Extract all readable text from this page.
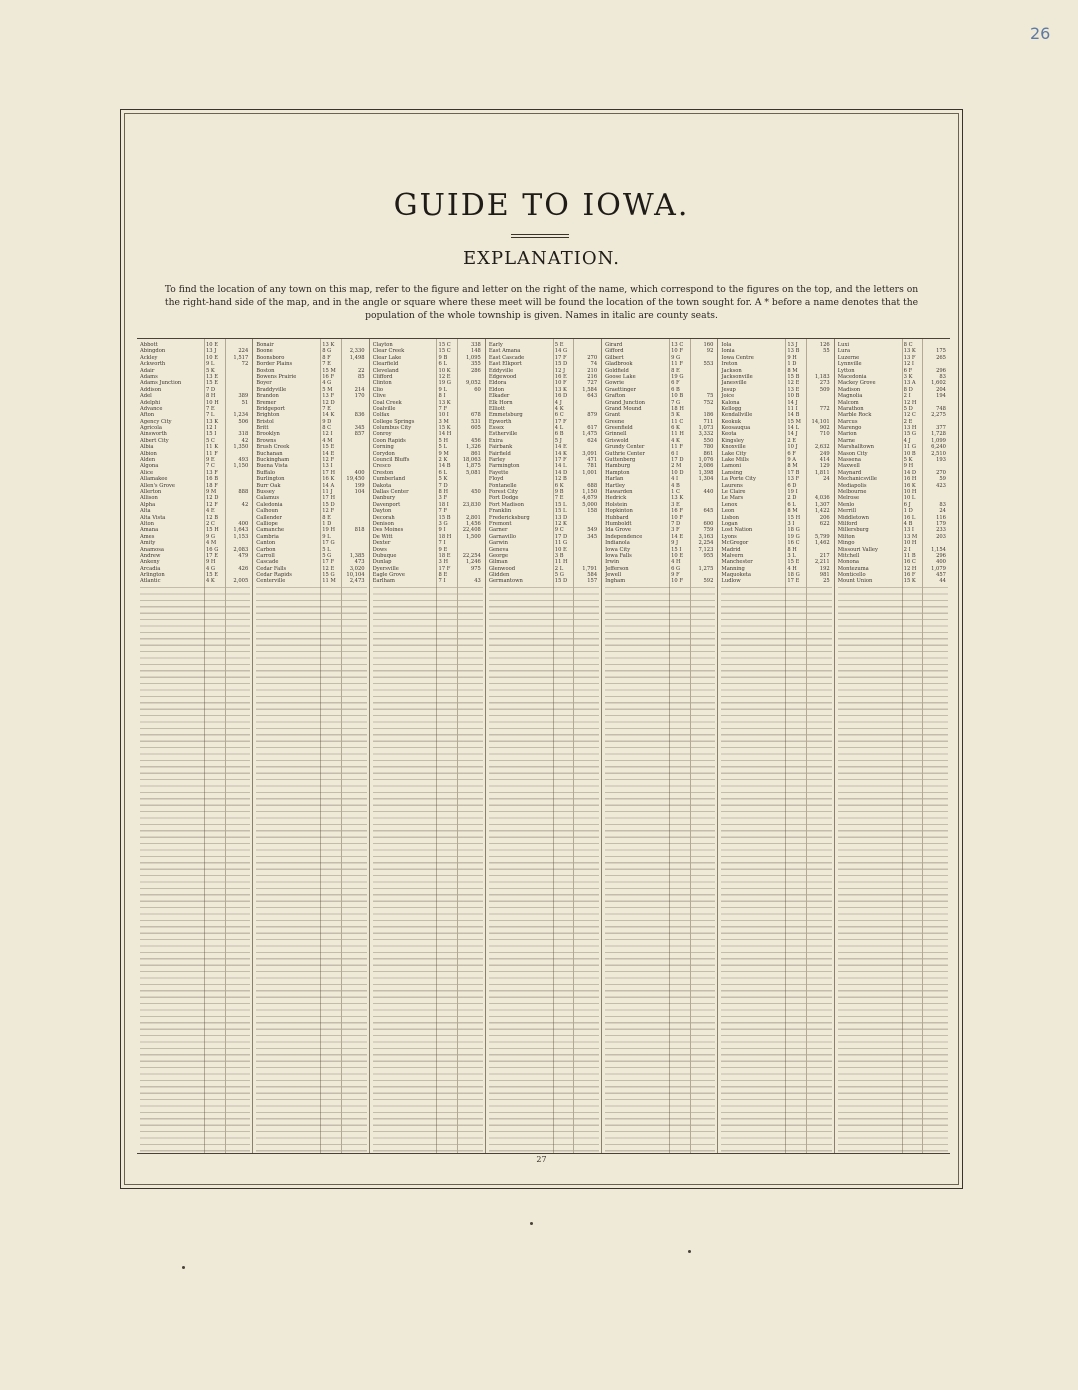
26
GUIDE TO IOWA.
EXPLANATION.
To find the location of any town on this map, refer to the figure and letter on the right of the name, which correspond to the figures on the top, and the letters on the right-hand side of the map, and in the angle or square where these meet will be found the location of the town sought for. A * before a name denotes that the population of the whole township is given. Names in italic are county seats.
Abbott	10 E
Abingdon	13 J	224
Ackley	10 E	1,517
Ackworth	9 L	72
Adair	5 K
Adams	13 E
Adams Junction	15 E
Addison	7 D
Adel	8 H	389
Adelphi	10 H	51
Advance	7 E
Afton	7 L	1,234
Agency City	13 K	506
Agricola	12 I
Ainsworth	15 I	318
Albert City	5 C	42
Albia	11 K	1,350
Albion	11 F
Alden	9 E	493
Algona	7 C	1,150
Alice	13 F
Allamakee	16 B
Allen's Grove	18 F
Allerton	9 M	888
Allison	12 D
Alpha	12 F	42
Alta	4 E
Alta Vista	12 B
Alton	2 C	400
Amana	15 H	1,643
Ames	9 G	1,153
Amity	4 M
Anamosa	16 G	2,083
Andrew	17 E	479
Ankeny	9 H
Arcadia	4 G	426
Arlington	15 E
Atlantic	4 K	2,005
Bonair	13 K
Boone	8 G	2,330
Boonsboro	8 F	1,498
Border Plains	7 E
Boston	15 M	22
Bowens Prairie	16 F	85
Boyer	4 G
Braddyville	5 M	214
Brandon	13 F	170
Bremer	12 D
Bridgeport	7 E
Brighton	14 K	836
Bristol	9 D
Britt	8 C	345
Brooklyn	12 I	857
Browns	4 M
Brush Creek	15 E
Buchanan	14 E
Buckingham	12 F
Buena Vista	13 I
Buffalo	17 H	400
Burlington	16 K	19,450
Burr Oak	14 A	199
Bussey	11 J	104
Calamus	17 H
Caledonia	15 D
Calhoun	12 F
Callender	8 E
Calliope	1 D
Camanche	19 H	818
Cambria	9 L
Canton	17 G
Carbon	5 L
Carroll	5 G	1,385
Cascade	17 F	473
Cedar Falls	12 E	3,020
Cedar Rapids	15 G	10,104
Centerville	11 M	2,473
Clayton	15 C	338
Clear Creek	15 C	148
Clear Lake	9 B	1,095
Clearfield	6 L	355
Cleveland	10 K	286
Clifford	12 E
Clinton	19 G	9,052
Clio	9 L	60
Clive	8 I
Coal Creek	13 K
Coalville	7 F
Colfax	10 I	678
College Springs	3 M	531
Columbus City	15 K	605
Conroy	14 H
Coon Rapids	5 H	456
Corning	5 L	1,326
Corydon	9 M	861
Council Bluffs	2 K	18,063
Cresco	14 B	1,875
Creston	6 L	5,081
Cumberland	5 K
Dakota	7 D
Dallas Center	8 H	450
Danbury	3 F
Davenport	18 I	23,830
Dayton	7 F
Decorah	15 B	2,801
Denison	3 G	1,456
Des Moines	9 I	22,408
De Witt	18 H	1,500
Dexter	7 I
Dows	9 E
Dubuque	18 E	22,254
Dunlap	3 H	1,246
Dyersville	17 F	975
Eagle Grove	8 E
Earlham	7 I	43
Early	5 E
East Amana	14 G
East Cascade	17 F	270
East Elkport	15 D	74
Eddyville	12 J	210
Edgewood	16 E	216
Eldora	10 F	727
Eldon	13 K	1,584
Elkader	16 D	643
Elk Horn	4 J
Elliott	4 K
Emmetsburg	6 C	879
Epworth	17 F
Essex	4 L	617
Estherville	6 B	1,475
Exira	5 J	624
Fairbank	14 E
Fairfield	14 K	3,091
Farley	17 F	471
Farmington	14 L	781
Fayette	14 D	1,001
Floyd	12 B
Fontanelle	6 K	688
Forest City	9 B	1,150
Fort Dodge	7 E	4,679
Fort Madison	15 L	5,000
Franklin	15 L	158
Fredericksburg	13 D
Fremont	12 K
Garner	9 C	549
Garnavillo	17 D	345
Garwin	11 G
Geneva	10 E
George	3 B
Gilman	11 H
Glenwood	2 L	1,791
Glidden	5 G	584
Germantown	15 D	157
Girard	13 C	160
Gifford	10 F	92
Gilbert	9 G
Gladbrook	11 F	553
Goldfield	8 E
Goose Lake	19 G
Gowrie	6 F
Graettinger	6 B
Grafton	10 B	75
Grand Junction	7 G	752
Grand Mound	18 H
Grant	5 K	186
Greene	11 C	711
Greenfield	6 K	1,073
Grinnell	11 H	3,332
Griswold	4 K	550
Grundy Center	11 F	780
Guthrie Center	6 I	861
Guttenberg	17 D	1,076
Hamburg	2 M	2,086
Hampton	10 D	1,398
Harlan	4 I	1,304
Hartley	4 B
Hawarden	1 C	440
Hedrick	13 K
Holstein	3 E
Hopkinton	16 F	645
Hubbard	10 F
Humboldt	7 D	600
Ida Grove	3 F	759
Independence	14 E	3,163
Indianola	9 J	2,254
Iowa City	15 I	7,123
Iowa Falls	10 E	955
Irwin	4 H
Jefferson	6 G	1,275
Jewell	9 F
Ingham	10 F	592
Iola	13 J	126
Ionia	13 B	55
Iowa Centre	9 H
Ireton	1 D
Jackson	8 M
Jacksonville	15 B	1,183
Janesville	12 E	273
Jesup	13 E	509
Joice	10 B
Kalona	14 J
Kellogg	11 I	772
Kendallville	14 B
Keokuk	15 M	14,101
Keosauqua	14 L	902
Keota	14 J	710
Kingsley	2 E
Knoxville	10 J	2,632
Lake City	6 F	249
Lake Mills	9 A	414
Lamoni	8 M	129
Lansing	17 B	1,811
La Porte City	13 F	24
Laurens	6 D
Le Claire	19 I
Le Mars	2 D	4,036
Lenox	6 L	1,307
Leon	8 M	1,422
Lisbon	15 H	206
Logan	3 I	622
Lost Nation	18 G
Lyons	19 G	5,799
McGregor	16 C	1,462
Madrid	8 H
Malvern	3 L	217
Manchester	15 E	2,211
Manning	4 H	192
Maquoketa	18 G	981
Ludlow	17 E	25
Luxi	8 C
Lura	13 K	175
Luzerne	13 F	265
Lynnville	12 I
Lytton	6 F	296
Macedonia	3 K	83
Mackey Grove	13 A	1,602
Madison	8 D	204
Magnolia	2 I	194
Malcom	12 H
Marathon	5 D	748
Marble Rock	12 C	2,275
Marcus	2 E
Marengo	13 H	377
Marion	15 G	1,728
Marne	4 J	1,099
Marshalltown	11 G	6,240
Mason City	10 B	2,510
Massena	5 K	193
Maxwell	9 H
Maynard	14 D	270
Mechanicsville	16 H	59
Mediapolis	16 K	423
Melbourne	10 H
Melrose	10 L
Menlo	6 J	83
Merrill	1 D	24
Middletown	16 L	116
Milford	4 B	179
Millersburg	13 I	233
Milton	13 M	203
Mingo	10 H
Missouri Valley	2 I	1,154
Mitchell	11 B	296
Monona	16 C	400
Montezuma	12 H	1,079
Monticello	16 F	457
Mount Union	15 K	44
27
